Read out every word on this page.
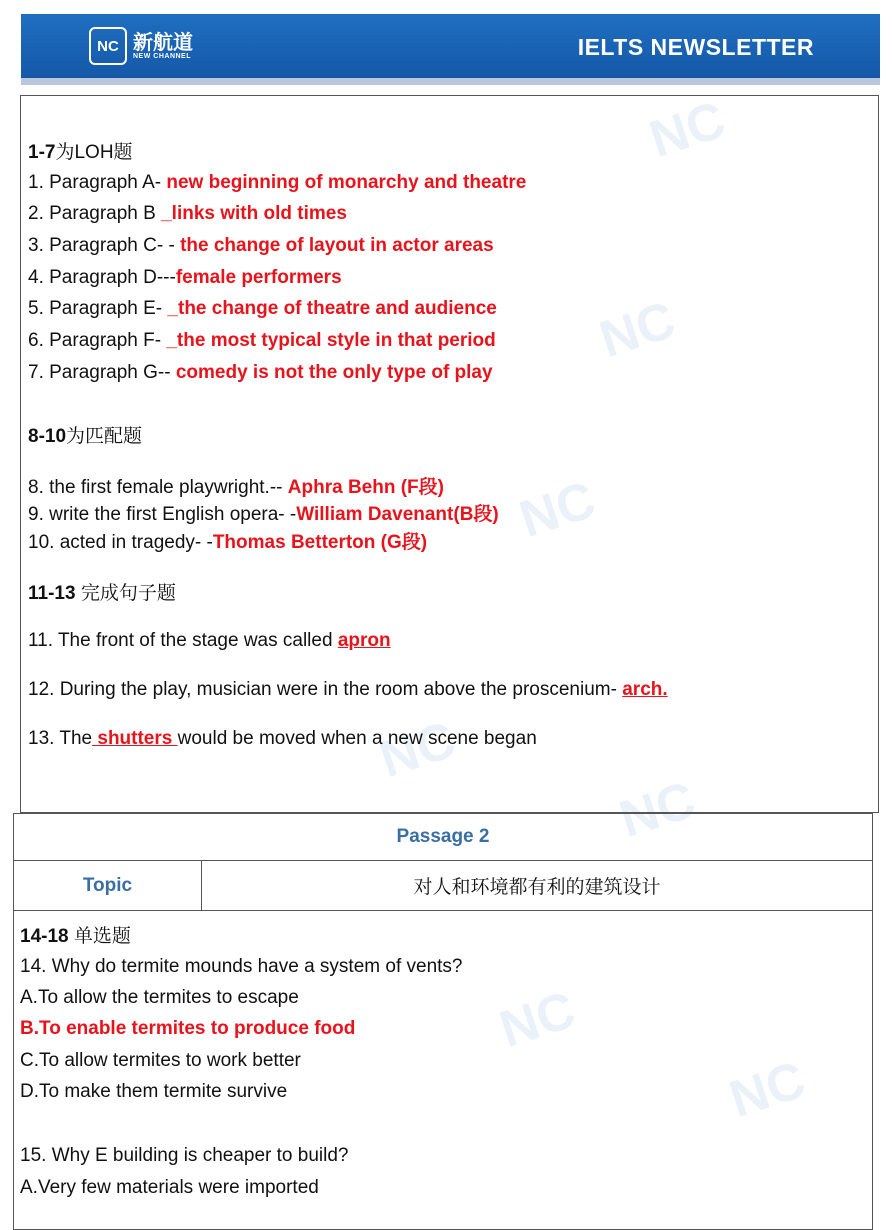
NC 新航道
NEW CHANNEL	IELTS NEWSLETTER
NC
NC
NC
NC
NC
NC
NC
1-7为LOH题
1. Paragraph A- new beginning of monarchy and theatre
2. Paragraph B _links with old times
3. Paragraph C- - the change of layout in actor areas
4. Paragraph D---female performers
5. Paragraph E- _the change of theatre and audience
6. Paragraph F- _the most typical style in that period
7. Paragraph G-- comedy is not the only type of play
8-10为匹配题
8. the first female playwright.-- Aphra Behn (F段)
9. write the first English opera- -William Davenant(B段)
10. acted in tragedy- -Thomas Betterton (G段)
11-13 完成句子题
11. The front of the stage was called apron
12. During the play, musician were in the room above the proscenium- arch.
13. The shutters would be moved when a new scene began
Passage 2
Topic	对人和环境都有利的建筑设计
14-18 单选题
14. Why do termite mounds have a system of vents?
A.To allow the termites to escape
B.To enable termites to produce food
C.To allow termites to work better
D.To make them termite survive
15. Why E building is cheaper to build?
A.Very few materials were imported
